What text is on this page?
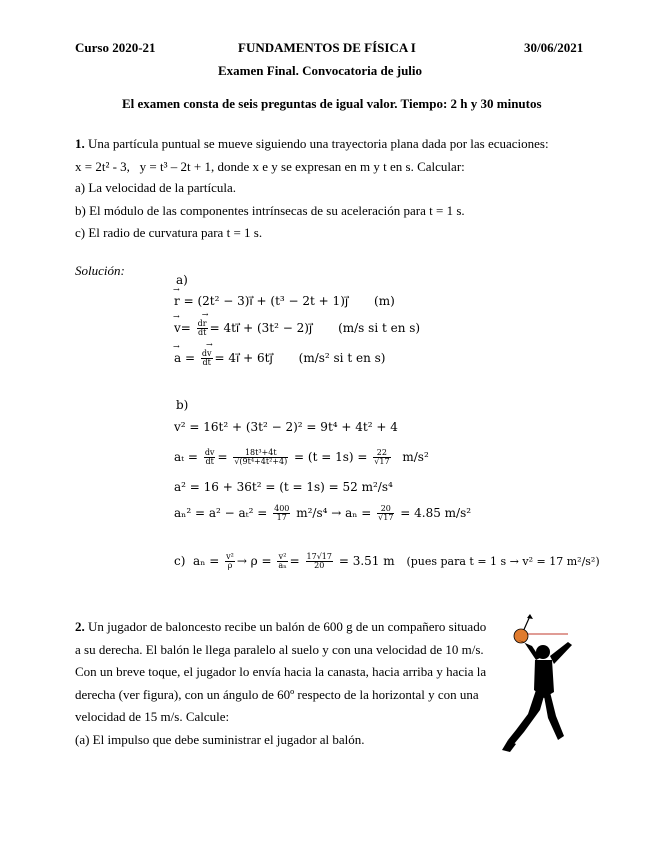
Curso 2020-21	FUNDAMENTOS DE FÍSICA I	30/06/2021
Examen Final. Convocatoria de julio
El examen consta de seis preguntas de igual valor. Tiempo: 2 h y 30 minutos
1. Una partícula puntual se mueve siguiendo una trayectoria plana dada por las ecuaciones:
x = 2t² - 3, y = t³ – 2t + 1, donde x e y se expresan en m y t en s. Calcular:
a) La velocidad de la partícula.
b) El módulo de las componentes intrínsecas de su aceleración para t = 1 s.
c) El radio de curvatura para t = 1 s.
Solución:
a)
→ r = (2t² − 3)ı⃗ + (t³ − 2t + 1)ȷ⃗ (m)
→ $v= \frac{d\to r}{dt}$ = 4tı⃗ + (3t² − 2)ȷ⃗ (m/s si t en s)
→ $a = \frac{d\to v}{dt}$ = 4ı⃗ + 6tȷ⃗ (m/s² si t en s)
b)
v² = 16t² + (3t² − 2)² = 9t⁴ + 4t² + 4
$a_t = \frac{dv}{dt} = \frac{\text{18t³+4t}}{\text{√(9t⁴+4t²+4)}} = (t = 1s) = \frac{22}{√17} m/s^2$
a² = 16 + 36t² = (t = 1s) = 52 m²/s⁴
$a_n^2 = a^2 - a_t^2 = \frac{400}{17} m^2/s^4 \to a_n = \frac{20}{√17} = 4.85$ m/s²
c)  $a_n = \frac{\text{v²}}{\rho} \to \rho = \frac{\text{v²}}{\text{aₙ}} = \frac{17√17}{20} = 3.51$ m (pues para t = 1 s → v² = 17 m²/s²)
2. Un jugador de baloncesto recibe un balón de 600 g de un compañero situado
a su derecha. El balón le llega paralelo al suelo y con una velocidad de 10 m/s.
Con un breve toque, el jugador lo envía hacia la canasta, hacia arriba y hacia la
derecha (ver figura), con un ángulo de 60º respecto de la horizontal y con una
velocidad de 15 m/s. Calcule:
(a) El impulso que debe suministrar el jugador al balón.
